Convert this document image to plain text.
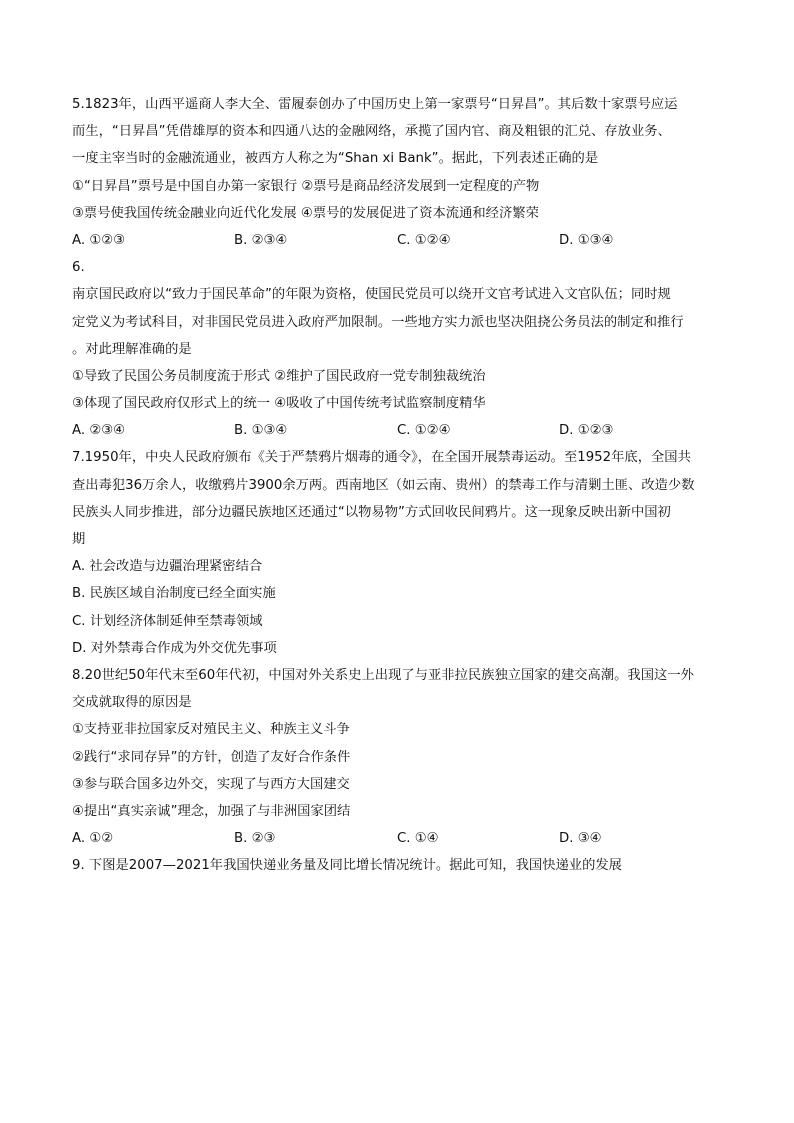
5.1823年，山西平遥商人李大全、雷履泰创办了中国历史上第一家票号“日昇昌”。其后数十家票号应运
而生，“日昇昌”凭借雄厚的资本和四通八达的金融网络，承揽了国内官、商及粗银的汇兑、存放业务、
一度主宰当时的金融流通业，被西方人称之为“Shan xi Bank”。据此，下列表述正确的是
①“日昇昌”票号是中国自办第一家银行 ②票号是商品经济发展到一定程度的产物
③票号使我国传统金融业向近代化发展 ④票号的发展促进了资本流通和经济繁荣
A. ①②③	B. ②③④	C. ①②④	D. ①③④
6.
南京国民政府以“致力于国民革命”的年限为资格，使国民党员可以绕开文官考试进入文官队伍；同时规
定党义为考试科目，对非国民党员进入政府严加限制。一些地方实力派也坚决阻挠公务员法的制定和推行
。对此理解准确的是
①导致了民国公务员制度流于形式 ②维护了国民政府一党专制独裁统治
③体现了国民政府仅形式上的统一 ④吸收了中国传统考试监察制度精华
A. ②③④	B. ①③④	C. ①②④	D. ①②③
7.1950年，中央人民政府颁布《关于严禁鸦片烟毒的通令》，在全国开展禁毒运动。至1952年底，全国共
查出毒犯36万余人，收缴鸦片3900余万两。西南地区（如云南、贵州）的禁毒工作与清剿土匪、改造少数
民族头人同步推进，部分边疆民族地区还通过“以物易物”方式回收民间鸦片。这一现象反映出新中国初
期
A. 社会改造与边疆治理紧密结合
B. 民族区域自治制度已经全面实施
C. 计划经济体制延伸至禁毒领域
D. 对外禁毒合作成为外交优先事项
8.20世纪50年代末至60年代初，中国对外关系史上出现了与亚非拉民族独立国家的建交高潮。我国这一外
交成就取得的原因是
①支持亚非拉国家反对殖民主义、种族主义斗争
②践行“求同存异”的方针，创造了友好合作条件
③参与联合国多边外交，实现了与西方大国建交
④提出“真实亲诚”理念，加强了与非洲国家团结
A. ①②	B. ②③	C. ①④	D. ③④
9. 下图是2007—2021年我国快递业务量及同比增长情况统计。据此可知，我国快递业的发展
